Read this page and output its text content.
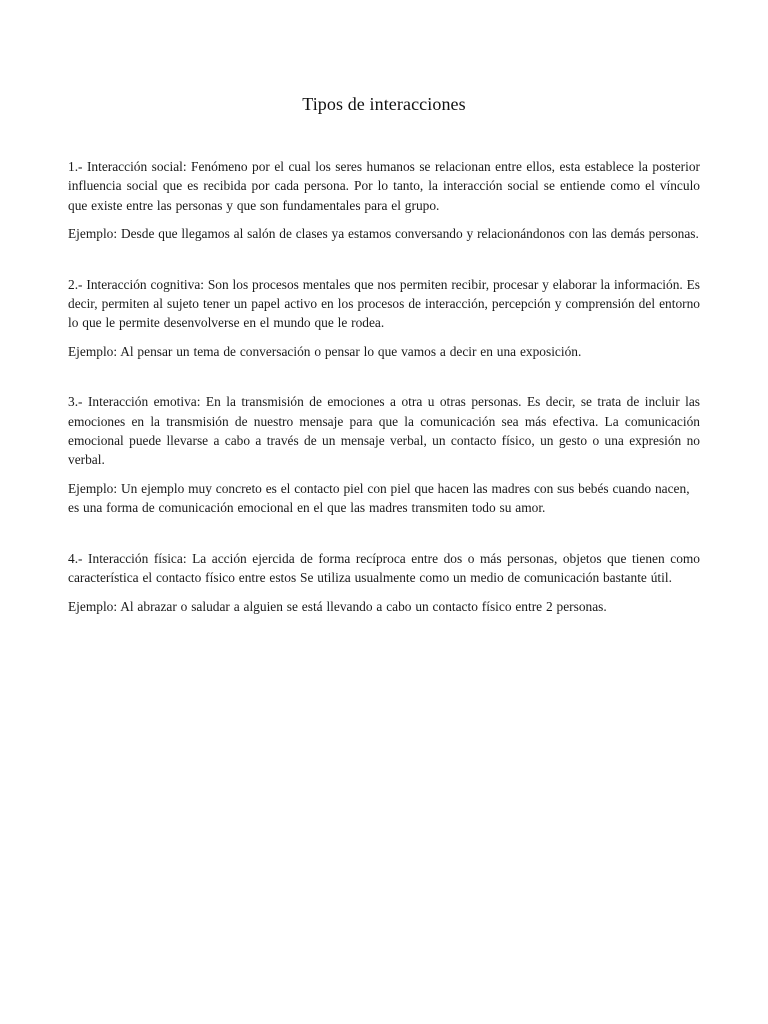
Tipos de interacciones

1.- Interacción social: Fenómeno por el cual los seres humanos se relacionan entre ellos, esta establece la posterior influencia social que es recibida por cada persona. Por lo tanto, la interacción social se entiende como el vínculo que existe entre las personas y que son fundamentales para el grupo.

Ejemplo: Desde que llegamos al salón de clases ya estamos conversando y relacionándonos con las demás personas.

2.- Interacción cognitiva: Son los procesos mentales que nos permiten recibir, procesar y elaborar la información. Es decir, permiten al sujeto tener un papel activo en los procesos de interacción, percepción y comprensión del entorno lo que le permite desenvolverse en el mundo que le rodea.

Ejemplo: Al pensar un tema de conversación o pensar lo que vamos a decir en una exposición.

3.- Interacción emotiva: En la transmisión de emociones a otra u otras personas. Es decir, se trata de incluir las emociones en la transmisión de nuestro mensaje para que la comunicación sea más efectiva. La comunicación emocional puede llevarse a cabo a través de un mensaje verbal, un contacto físico, un gesto o una expresión no verbal.

Ejemplo: Un ejemplo muy concreto es el contacto piel con piel que hacen las madres con sus bebés cuando nacen, es una forma de comunicación emocional en el que las madres transmiten todo su amor.

4.- Interacción física: La acción ejercida de forma recíproca entre dos o más personas, objetos que tienen como característica el contacto físico entre estos Se utiliza usualmente como un medio de comunicación bastante útil.

Ejemplo: Al abrazar o saludar a alguien se está llevando a cabo un contacto físico entre 2 personas.
